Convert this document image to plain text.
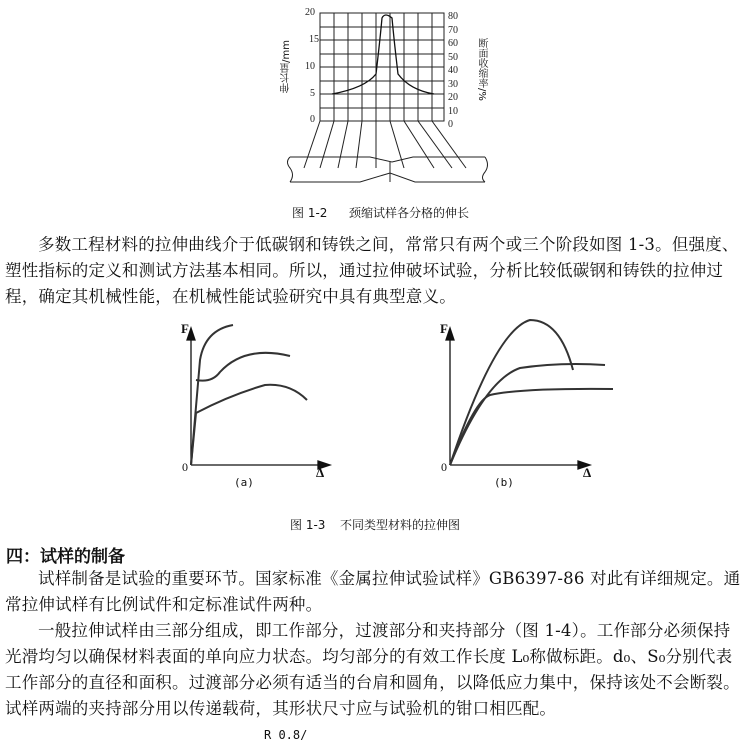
伸长量/mm	断面收缩率/%
20
15
10
5
0
80
70
60
50
40
30
20
10
0
图 1-2 颈缩试样各分格的伸长

多数工程材料的拉伸曲线介于低碳钢和铸铁之间，常常只有两个或三个阶段如图 1-3。但强度、塑性指标的定义和测试方法基本相同。所以，通过拉伸破坏试验，分析比较低碳钢和铸铁的拉伸过程，确定其机械性能，在机械性能试验研究中具有典型意义。

F
0	Δ
(a)
F
0	Δ
(b)
图 1-3 不同类型材料的拉伸图
四：试样的制备

试样制备是试验的重要环节。国家标准《金属拉伸试验试样》GB6397-86 对此有详细规定。通常拉伸试样有比例试件和定标准试件两种。

一般拉伸试样由三部分组成，即工作部分，过渡部分和夹持部分（图 1-4）。工作部分必须保持光滑均匀以确保材料表面的单向应力状态。均匀部分的有效工作长度 L₀称做标距。d₀、S₀分别代表工作部分的直径和面积。过渡部分必须有适当的台肩和圆角，以降低应力集中，保持该处不会断裂。试样两端的夹持部分用以传递载荷，其形状尺寸应与试验机的钳口相匹配。

R 0.8/
